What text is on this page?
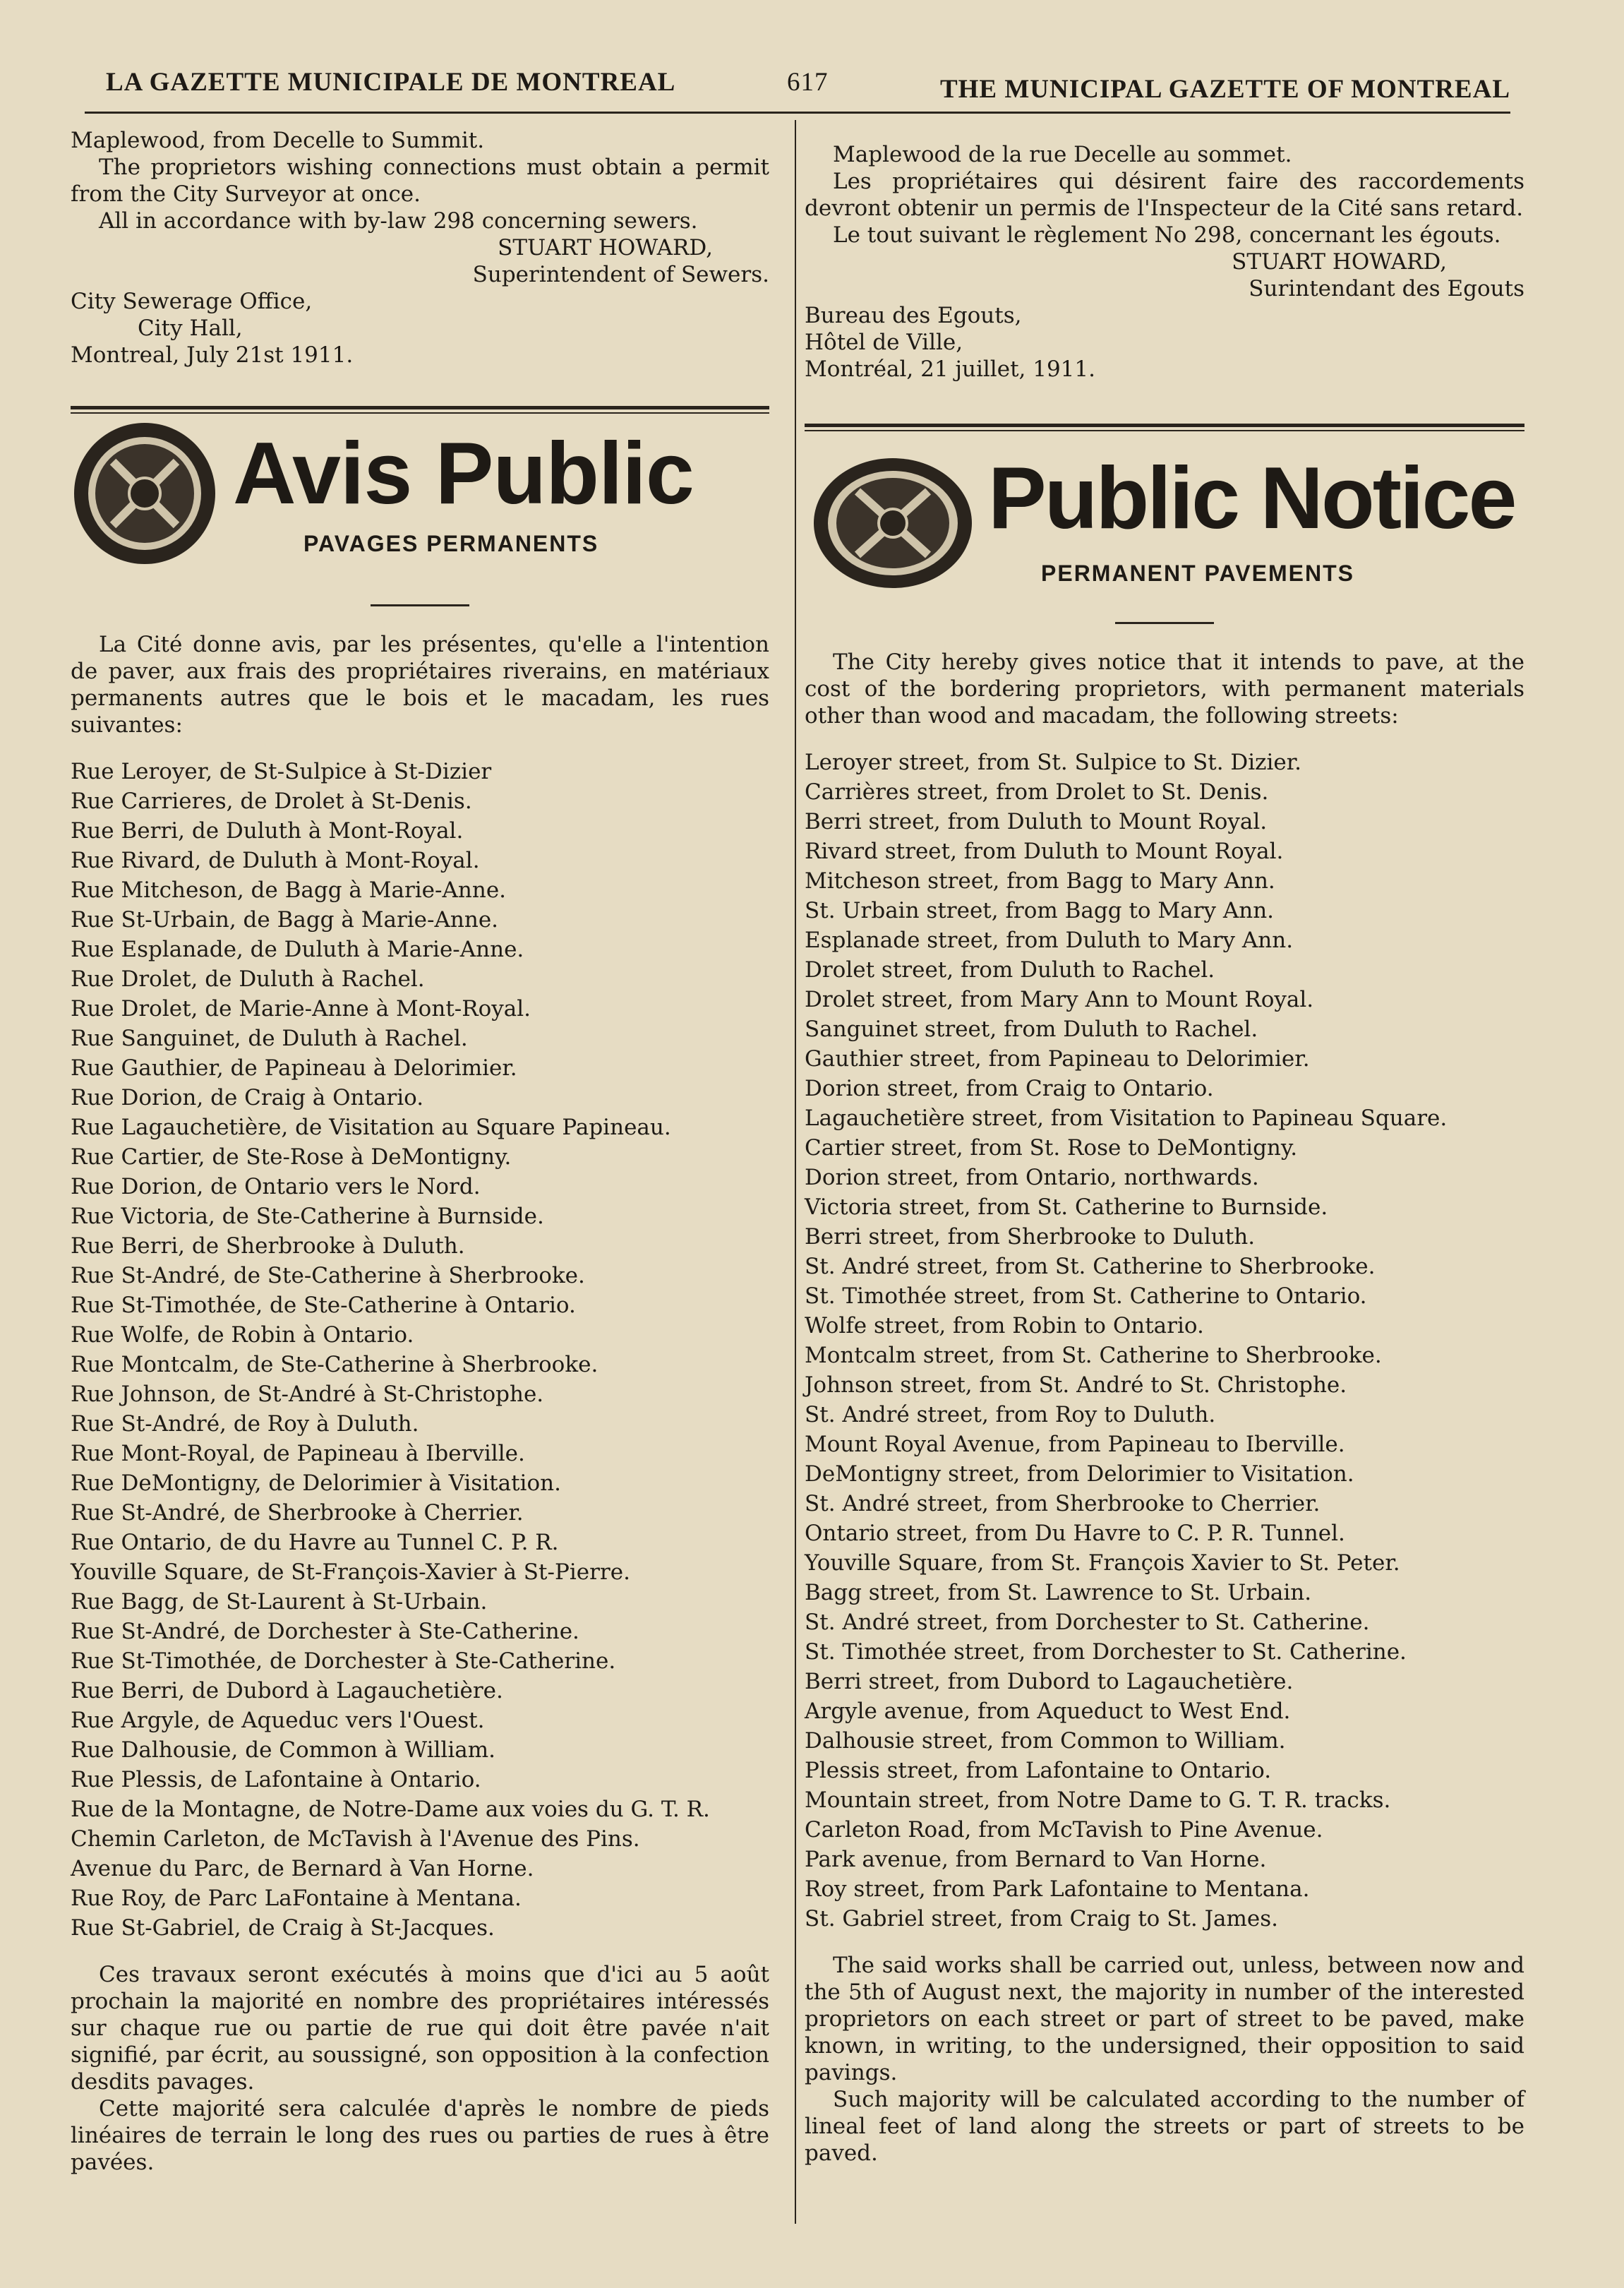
LA GAZETTE MUNICIPALE DE MONTREAL	617	THE MUNICIPAL GAZETTE OF MONTREAL

Maplewood, from Decelle to Summit.

The proprietors wishing connections must obtain a permit from the City Surveyor at once.

All in accordance with by-law 298 concerning sewers.

STUART HOWARD,

Superintendent of Sewers.

City Sewerage Office,

City Hall,

Montreal, July 21st 1911.

Avis Public
PAVAGES PERMANENTS

La Cité donne avis, par les présentes, qu'elle a l'intention de paver, aux frais des propriétaires riverains, en matériaux permanents autres que le bois et le macadam, les rues suivantes:

Rue Leroyer, de St-Sulpice à St-Dizier
Rue Carrieres, de Drolet à St-Denis.
Rue Berri, de Duluth à Mont-Royal.
Rue Rivard, de Duluth à Mont-Royal.
Rue Mitcheson, de Bagg à Marie-Anne.
Rue St-Urbain, de Bagg à Marie-Anne.
Rue Esplanade, de Duluth à Marie-Anne.
Rue Drolet, de Duluth à Rachel.
Rue Drolet, de Marie-Anne à Mont-Royal.
Rue Sanguinet, de Duluth à Rachel.
Rue Gauthier, de Papineau à Delorimier.
Rue Dorion, de Craig à Ontario.
Rue Lagauchetière, de Visitation au Square Papineau.
Rue Cartier, de Ste-Rose à DeMontigny.
Rue Dorion, de Ontario vers le Nord.
Rue Victoria, de Ste-Catherine à Burnside.
Rue Berri, de Sherbrooke à Duluth.
Rue St-André, de Ste-Catherine à Sherbrooke.
Rue St-Timothée, de Ste-Catherine à Ontario.
Rue Wolfe, de Robin à Ontario.
Rue Montcalm, de Ste-Catherine à Sherbrooke.
Rue Johnson, de St-André à St-Christophe.
Rue St-André, de Roy à Duluth.
Rue Mont-Royal, de Papineau à Iberville.
Rue DeMontigny, de Delorimier à Visitation.
Rue St-André, de Sherbrooke à Cherrier.
Rue Ontario, de du Havre au Tunnel C. P. R.
Youville Square, de St-François-Xavier à St-Pierre.
Rue Bagg, de St-Laurent à St-Urbain.
Rue St-André, de Dorchester à Ste-Catherine.
Rue St-Timothée, de Dorchester à Ste-Catherine.
Rue Berri, de Dubord à Lagauchetière.
Rue Argyle, de Aqueduc vers l'Ouest.
Rue Dalhousie, de Common à William.
Rue Plessis, de Lafontaine à Ontario.
Rue de la Montagne, de Notre-Dame aux voies du G. T. R.
Chemin Carleton, de McTavish à l'Avenue des Pins.
Avenue du Parc, de Bernard à Van Horne.
Rue Roy, de Parc LaFontaine à Mentana.
Rue St-Gabriel, de Craig à St-Jacques.

Ces travaux seront exécutés à moins que d'ici au 5 août prochain la majorité en nombre des propriétaires intéressés sur chaque rue ou partie de rue qui doit être pavée n'ait signifié, par écrit, au soussigné, son opposition à la confection desdits pavages.

Cette majorité sera calculée d'après le nombre de pieds linéaires de terrain le long des rues ou parties de rues à être pavées.

Maplewood de la rue Decelle au sommet.

Les propriétaires qui désirent faire des raccordements devront obtenir un permis de l'Inspecteur de la Cité sans retard.

Le tout suivant le règlement No 298, concernant les égouts.

STUART HOWARD,

Surintendant des Egouts

Bureau des Egouts,

Hôtel de Ville,

Montréal, 21 juillet, 1911.

Public Notice
PERMANENT PAVEMENTS

The City hereby gives notice that it intends to pave, at the cost of the bordering proprietors, with permanent materials other than wood and macadam, the following streets:

Leroyer street, from St. Sulpice to St. Dizier.
Carrières street, from Drolet to St. Denis.
Berri street, from Duluth to Mount Royal.
Rivard street, from Duluth to Mount Royal.
Mitcheson street, from Bagg to Mary Ann.
St. Urbain street, from Bagg to Mary Ann.
Esplanade street, from Duluth to Mary Ann.
Drolet street, from Duluth to Rachel.
Drolet street, from Mary Ann to Mount Royal.
Sanguinet street, from Duluth to Rachel.
Gauthier street, from Papineau to Delorimier.
Dorion street, from Craig to Ontario.
Lagauchetière street, from Visitation to Papineau Square.
Cartier street, from St. Rose to DeMontigny.
Dorion street, from Ontario, northwards.
Victoria street, from St. Catherine to Burnside.
Berri street, from Sherbrooke to Duluth.
St. André street, from St. Catherine to Sherbrooke.
St. Timothée street, from St. Catherine to Ontario.
Wolfe street, from Robin to Ontario.
Montcalm street, from St. Catherine to Sherbrooke.
Johnson street, from St. André to St. Christophe.
St. André street, from Roy to Duluth.
Mount Royal Avenue, from Papineau to Iberville.
DeMontigny street, from Delorimier to Visitation.
St. André street, from Sherbrooke to Cherrier.
Ontario street, from Du Havre to C. P. R. Tunnel.
Youville Square, from St. François Xavier to St. Peter.
Bagg street, from St. Lawrence to St. Urbain.
St. André street, from Dorchester to St. Catherine.
St. Timothée street, from Dorchester to St. Catherine.
Berri street, from Dubord to Lagauchetière.
Argyle avenue, from Aqueduct to West End.
Dalhousie street, from Common to William.
Plessis street, from Lafontaine to Ontario.
Mountain street, from Notre Dame to G. T. R. tracks.
Carleton Road, from McTavish to Pine Avenue.
Park avenue, from Bernard to Van Horne.
Roy street, from Park Lafontaine to Mentana.
St. Gabriel street, from Craig to St. James.

The said works shall be carried out, unless, between now and the 5th of August next, the majority in number of the interested proprietors on each street or part of street to be paved, make known, in writing, to the undersigned, their opposition to said pavings.

Such majority will be calculated according to the number of lineal feet of land along the streets or part of streets to be paved.
